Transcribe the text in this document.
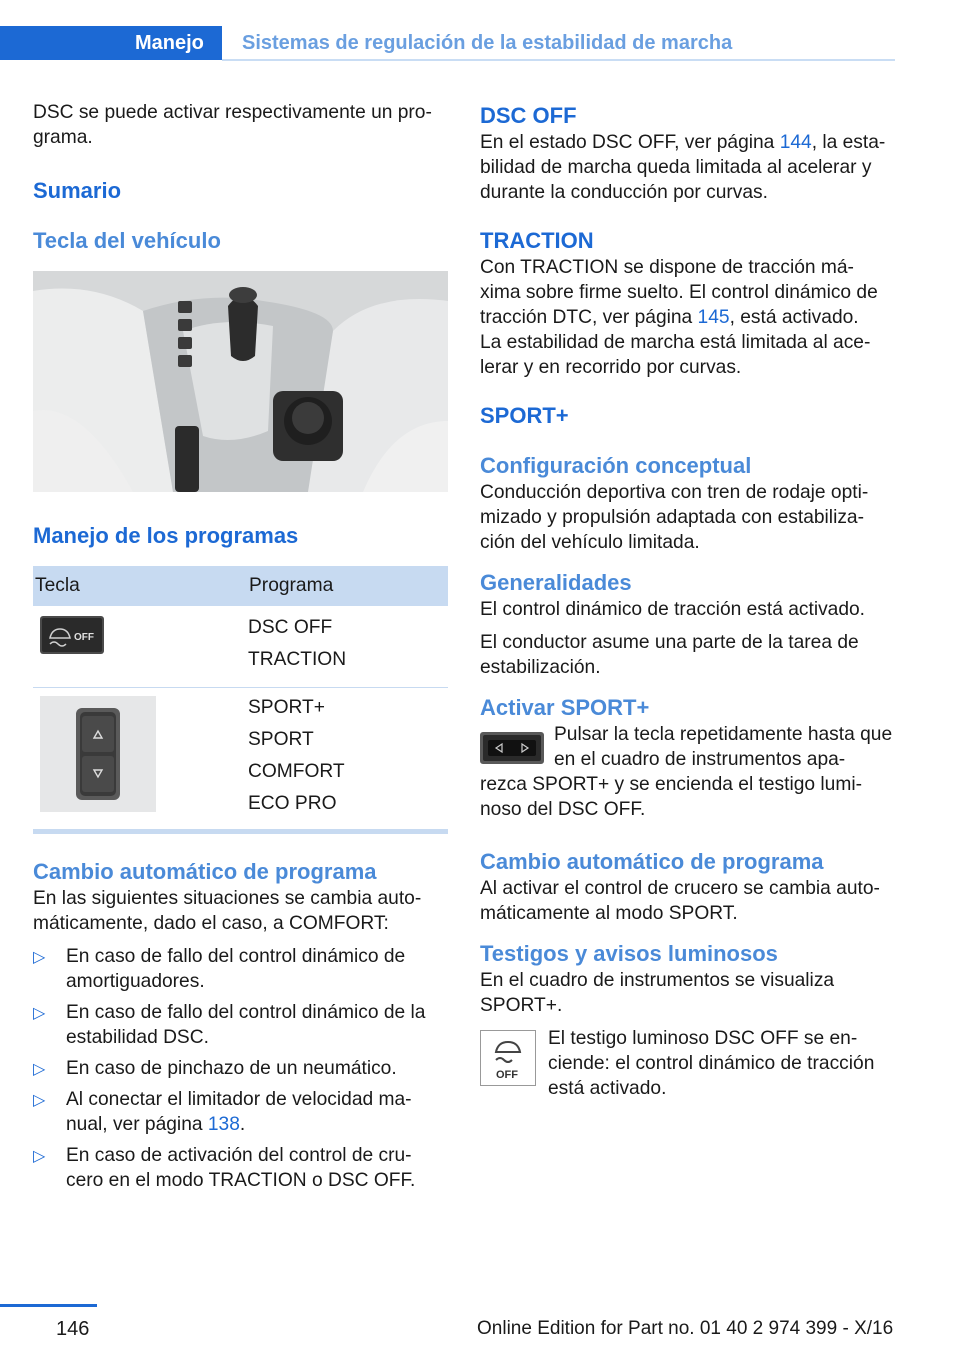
Manejo Sistemas de regulación de la estabilidad de marcha

DSC se puede activar respectivamente un pro‐ grama.

Sumario
Tecla del vehículo
Manejo de los programas
Tecla	Programa

OFF	DSC OFF
TRACTION

SPORT+
SPORT
COMFORT
ECO PRO
Cambio automático de programa

En las siguientes situaciones se cambia auto‐ máticamente, dado el caso, a COMFORT:

▷ En caso de fallo del control dinámico de amortiguadores.
▷ En caso de fallo del control dinámico de la estabilidad DSC.
▷ En caso de pinchazo de un neumático.
▷ Al conectar el limitador de velocidad ma‐ nual, ver página 138.
▷ En caso de activación del control de cru‐ cero en el modo TRACTION o DSC OFF.
DSC OFF

En el estado DSC OFF, ver página 144, la esta‐ bilidad de marcha queda limitada al acelerar y durante la conducción por curvas.

TRACTION

Con TRACTION se dispone de tracción má‐ xima sobre firme suelto. El control dinámico de tracción DTC, ver página 145, está activado.

La estabilidad de marcha está limitada al ace‐ lerar y en recorrido por curvas.

SPORT+
Configuración conceptual

Conducción deportiva con tren de rodaje opti‐ mizado y propulsión adaptada con estabiliza‐ ción del vehículo limitada.

Generalidades

El control dinámico de tracción está activado.

El conductor asume una parte de la tarea de estabilización.

Activar SPORT+

Pulsar la tecla repetidamente hasta que en el cuadro de instrumentos apa‐

rezca SPORT+ y se encienda el testigo lumi‐ noso del DSC OFF.

Cambio automático de programa

Al activar el control de crucero se cambia auto‐ máticamente al modo SPORT.

Testigos y avisos luminosos

En el cuadro de instrumentos se visualiza SPORT+.

OFF

El testigo luminoso DSC OFF se en‐ ciende: el control dinámico de tracción está activado.

146	Online Edition for Part no. 01 40 2 974 399 - X/16
